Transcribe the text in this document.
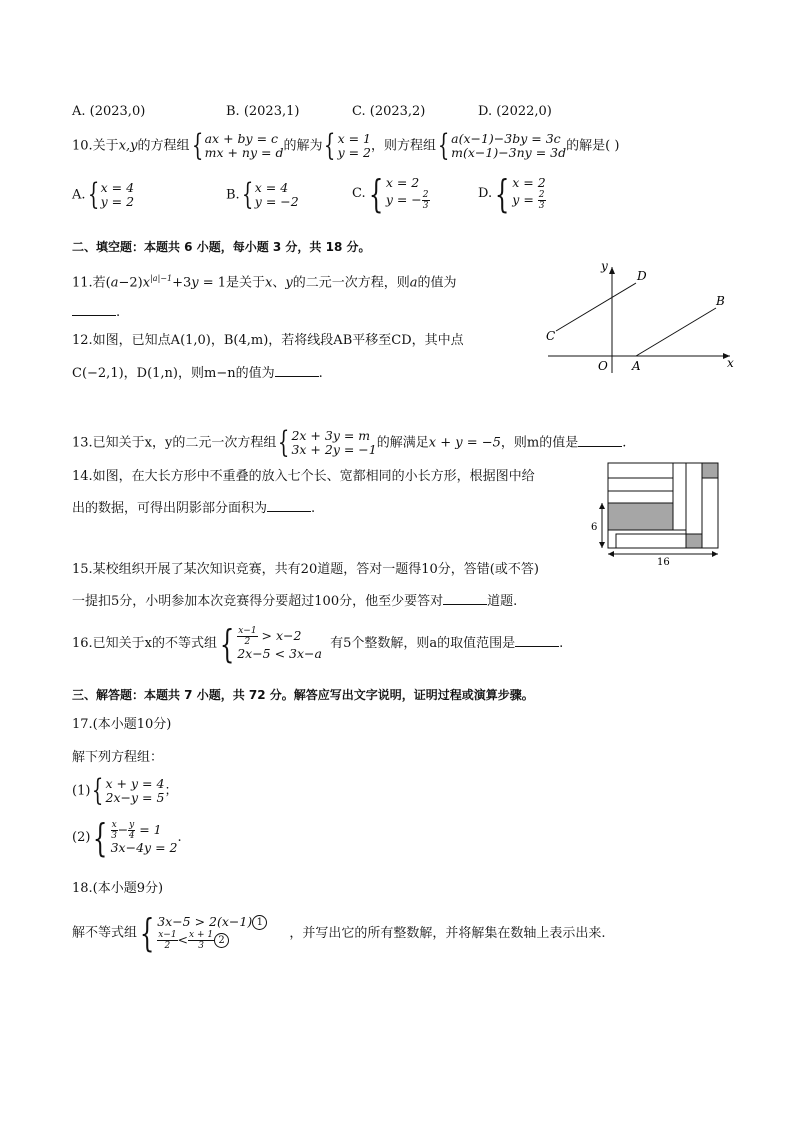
A. (2023,0)	B. (2023,1)	C. (2023,2)	D. (2022,0)
10.关于x,y的方程组{ ax + by = c
mx + ny = d 的解为{ x = 1
y = 2 ，则方程组{ a(x−1)−3by = 3c
m(x−1)−3ny = 3d 的解是( )
A.{ x = 4
y = 2	B.{ x = 4
y = −2
C.{ x = 2
y = − $\frac{2}{3}$	D.{ x = 2
$y = \frac{2}{3}$
二、填空题：本题共 6 小题，每小题 3 分，共 18 分。
11.若$(a-2)x^{|a|-1}+3y = 1$是关于x、y的二元一次方程，则a的值为
.
12.如图，已知点A(1,0)，B(4,m)，若将线段AB平移至CD，其中点
C(−2,1)，D(1,n)，则m−n的值为	.
y
x
O A
B
C
D
13.已知关于x，y的二元一次方程组{ 2x + 3y = m
3x + 2y = −1 的解满足x + y = −5，则m的值是	.
14.如图，在大长方形中不重叠的放入七个长、宽都相同的小长方形，根据图中给
出的数据，可得出阴影部分面积为	.
6
16
15.某校组织开展了某次知识竞赛，共有20道题，答对一题得10分，答错(或不答)
一提扣5分，小明参加本次竞赛得分要超过100分，他至少要答对	道题.
16.已知关于x的不等式组{ $\frac{x-1}{2} > x-2$
2x−5 < 3x−a
有5个整数解，则a的取值范围是	.
三、解答题：本题共 7 小题，共 72 分。解答应写出文字说明，证明过程或演算步骤。
17.(本小题10分)
解下列方程组：
(1){ x + y = 4
2x−y = 5 ；
$(2)\{ \frac{x}{3} - \frac{y}{4} = 1$
3x−4y = 2
.
18.(本小题9分)
解不等式组{ 3x−5 > 2(x−1) 1
$\frac{x-1}{2} < \frac{x + 1}{3} 2$	，并写出它的所有整数解，并将解集在数轴上表示出来.
